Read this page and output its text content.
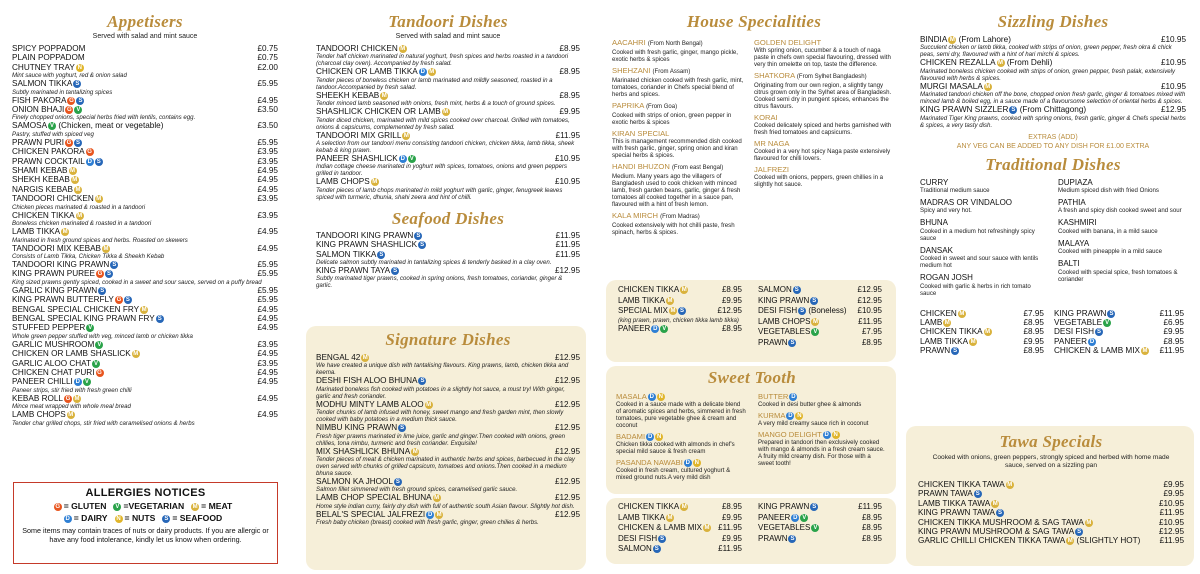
Appetisers
Served with salad and mint sauce
SPICY POPPADOM	£0.75
PLAIN POPPADOM	£0.75
CHUTNEY TRAY N	£2.00
Mint sauce with yoghurt, red & onion salad
SALMON TIKKA S	£5.95
Subtly marinated in tantalizing spices
FISH PAKORA G S	£4.95
ONION BHAJI G V	£3.50
Finely chopped onions, special herbs fried with lentils, contains egg.
SAMOSA V (Chicken, meat or vegetable)	£3.50
Pastry, stuffed with spiced veg
PRAWN PURI G S	£5.95
CHICKEN PAKORA G	£3.95
PRAWN COCKTAIL D S	£3.95
SHAMI KEBAB M	£4.95
SHEKH KEBAB M	£4.95
NARGIS KEBAB M	£4.95
TANDOORI CHICKEN M	£3.95
Chicken pieces marinated & roasted in a tandoori
CHICKEN TIKKA M	£3.95
Boneless chicken marinated & roasted in a tandoori
LAMB TIKKA M	£4.95
Marinated in fresh ground spices and herbs. Roasted on skewers
TANDOORI MIX KEBAB M	£4.95
Consists of Lamb Tikka, Chicken Tikka & Sheekh Kebab
TANDOORI KING PRAWN S	£5.95
KING PRAWN PUREE G S	£5.95
King sized prawns gently spiced, cooked in a sweet and sour sauce, served on a puffy bread
GARLIC KING PRAWN S	£5.95
KING PRAWN BUTTERFLY G S	£5.95
BENGAL SPECIAL CHICKEN FRY M	£4.95
BENGAL SPECIAL KING PRAWN FRY S	£4.95
STUFFED PEPPER V	£4.95
Whole green pepper stuffed with veg, minced lamb or chicken tikka
GARLIC MUSHROOM V	£3.95
CHICKEN OR LAMB SHASLICK M	£4.95
GARLIC ALOO CHAT V	£3.95
CHICKEN CHAT PURI G	£4.95
PANEER CHILLI D V	£4.95
Paneer strips, stir fried with fresh green chilli
KEBAB ROLL G M	£4.95
Mince meat wrapped with whole meal bread
LAMB CHOPS M	£4.95
Tender char grilled chops, stir fried with caramelised onions & herbs
ALLERGIES NOTICES
G = GLUTEN V =VEGETARIAN M = MEAT
D = DAIRY N = NUTS S = SEAFOOD
Some items may contain traces of nuts or dairy products. If you are allergic or have any food intolerance, kindly let us know when ordering.
Tandoori Dishes
Served with salad and mint sauce
TANDOORI CHICKEN M	£8.95
Tender half chicken marinated in natural yoghurt, fresh spices and herbs roasted in a tandoori (charcoal clay oven). Accompanied by fresh salad.
CHICKEN OR LAMB TIKKA D M	£8.95
Tender pieces of boneless chicken or lamb marinated and mildly seasoned, roasted in a tandoor.Accompanied by fresh salad.
SHEEKH KEBAB M	£8.95
Tender minced lamb seasoned with onions, fresh mint, herbs & a touch of ground spices.
SHASHLICK CHICKEN OR LAMB M	£9.95
Tender diced chicken, marinated with mild spices cooked over charcoal. Grilled with tomatoes, onions & capsicums, complemented by fresh salad.
TANDOORI MIX GRILL M	£11.95
A selection from our tandoori menu consisting tandoori chicken, chicken tikka, lamb tikka, sheek kebab & king prawn.
PANEER SHASHLICK D V	£10.95
Indian cottage cheese marinated in yoghurt with spices, tomatoes, onions and green peppers grilled in tandoor.
LAMB CHOPS M	£10.95
Tender pieces of lamb chops marinated in mild yoghurt with garlic, ginger, fenugreek leaves spiced with turmeric, dhunia, shahi zeera and hint of chilli.
Seafood Dishes
TANDOORI KING PRAWN S	£11.95
KING PRAWN SHASHLICK S	£11.95
SALMON TIKKA S	£11.95
Delicate salmon subtly marinated in tantalizing spices & tenderly basked in a clay oven.
KING PRAWN TAYA S	£12.95
Subtly marinated tiger prawns, cooked in spring onions, fresh tomatoes, coriander, ginger & garlic.
Signature Dishes
BENGAL 42 M	£12.95
We have created a unique dish with tantalising flavours. King prawns, lamb, chicken tikka and keema.
DESHI FISH ALOO BHUNA S	£12.95
Marinated boneless fish cooked with potatoes in a slightly hot sauce, a must try! With ginger, garlic and fresh coriander.
MODHU MINTY LAMB ALOO M	£12.95
Tender chunks of lamb infused with honey, sweet mango and fresh garden mint, then slowly cooked with baby potatoes in a medium thick sauce.
NIMBU KING PRAWN S	£12.95
Fresh tiger prawns marinated in lime juice, garlic and ginger.Then cooked with onions, green chillies, tona nimbu, turmeric and fresh coriander. Exquisite!
MIX SHASHLICK BHUNA M	£12.95
Tender pieces of meat & chicken marinated in authentic herbs and spices, barbecued in the clay oven served with chunks of grilled capsicum, tomatoes and onions.Then cooked in a medium bhuna sauce.
SALMON KA JHOOL S	£12.95
Salmon fillet simmered with fresh ground spices, caramelised garlic sauce.
LAMB CHOP SPECIAL BHUNA M	£12.95
Home style indian curry, fairly dry dish with full of authentic south Asian flavour. Slightly hot dish.
BELAL'S SPECIAL JALFREZI D M	£12.95
Fresh baby chicken (breast) cooked with fresh garlic, ginger, green chilies & herbs.
House Specialities
AACAHRI (From North Bengal)
Cooked with fresh garlic, ginger, mango pickle, exotic herbs & spices
SHEHZANI (From Assam)
Marinated chicken cooked with fresh garlic, mint, tomatoes, coriander in Chefs special blend of herbs and spices.
PAPRIKA (From Goa)
Cooked with strips of onion, green pepper in exotic herbs & spices
KIRAN SPECIAL
This is management recommended dish cooked with fresh garlic, ginger, spring onion and kiran special herbs & spices.
HANDI BHUZON (From east Bengal)
Medium. Many years ago the villagers of Bangladesh used to cook chicken with minced lamb, fresh garden beans, garlic, ginger & fresh tomatoes all cooked together in a sauce pan, flavoured with a hint of fresh lemon.
KALA MIRCH (From Madras)
Cooked extensively with hot chilli paste, fresh spinach, herbs & spices.
GOLDEN DELIGHT
With spring onion, cucumber & a touch of naga paste in chefs own special flavouring, dressed with very thin omelette on top, taste the difference.
SHATKORA (From Sylhet Bangladesh)
Originating from our own region, a slightly tangy citrus grown only in the Sylhet area of Bangladesh. Cooked semi dry in pungent spices, enhances the citrus flavours.
KORAI
Cooked delicately spiced and herbs garnished with fresh fried tomatoes and capsicums.
MR NAGA
Cooked in a very hot spicy Naga paste extensively flavoured for chilli lovers.
JALFREZI
Cooked with onions, peppers, green chillies in a slightly hot sauce.
CHICKEN TIKKA M	£8.95
LAMB TIKKA M	£9.95
SPECIAL MIX M S	£12.95
(king prawn, prawn, chicken tikka lamb tikka)
PANEER D V	£8.95
SALMON S	£12.95
KING PRAWN S	£12.95
DESI FISH S (Boneless) £10.95
LAMB CHOPS M	£11.95
VEGETABLES V	£7.95
PRAWN S	£8.95
Sweet Tooth
MASALA D N
Cooked in a sauce made with a delicate blend of aromatic spices and herbs, simmered in fresh tomatoes, pure vegetable ghee & cream and coconut
BADAMI D N
Chicken tikka cooked with almonds in chef's special mild sauce & fresh cream
PASANDA NAWABI D N
Cooked in fresh cream, cultured yoghurt & mixed ground nuts.A very mild dish
BUTTER D
Cooked in desi butter ghee & almonds
KURMA D N
A very mild creamy sauce rich in coconut
MANGO DELIGHT D N
Prepared in tandoori then exclusively cooked with mango & almonds in a fresh cream sauce. A fruity mild creamy dish. For those with a sweet tooth!
CHICKEN TIKKA M	£8.95
LAMB TIKKA M	£9.95
CHICKEN & LAMB MIX M £11.95
DESI FISH S	£9.95
SALMON S	£11.95
KING PRAWN S	£11.95
PANEER D V	£8.95
VEGETABLES V	£8.95
PRAWN S	£8.95
Sizzling Dishes
BINDIA M (From Lahore)	£10.95
Succulent chicken or lamb tikka, cooked with strips of onion, green pepper, fresh okra & chick peas, semi dry, flavoured with a hint of hari mirchi & spices.
CHICKEN REZALLA M (From Dehli)	£10.95
Marinated boneless chicken cooked with strips of onion, green pepper, fresh palak, extensively flavoured with herbs & spices.
MURGI MASALA M	£10.95
Marinated tandoori chicken off the bone, chopped onion fresh garlic, ginger & tomatoes mixed with minced lamb & boiled egg, in a sauce made of a flavoursome selection of oriental herbs & spices.
KING PRAWN SIZZLER S (From Chittagong)	£12.95
Marinated Tiger King prawns, cooked with spring onions, fresh garlic, ginger & Chefs special herbs & spices, a very tasty dish.
EXTRAS (ADD)
ANY VEG CAN BE ADDED TO ANY DISH FOR £1.00 EXTRA
Traditional Dishes
CURRY
Traditional medium sauce
MADRAS OR VINDALOO
Spicy and very hot.
BHUNA
Cooked in a medium hot refreshingly spicy sauce
DANSAK
Cooked in sweet and sour sauce with lentils medium hot
ROGAN JOSH
Cooked with garlic & herbs in rich tomato sauce
DUPIAZA
Medium spiced dish with fried Onions
PATHIA
A fresh and spicy dish cooked sweet and sour
KASHMIRI
Cooked with banana, in a mild sauce
MALAYA
Cooked with pineapple in a mild sauce
BALTI
Cooked with special spice, fresh tomatoes & coriander
CHICKEN M	£7.95
LAMB M	£8.95
CHICKEN TIKKA M	£8.95
LAMB TIKKA M	£9.95
PRAWN S	£8.95
KING PRAWN S	£11.95
VEGETABLE V	£6.95
DESI FISH S	£9.95
PANEER D	£8.95
CHICKEN & LAMB MIX M £11.95
Tawa Specials
Cooked with onions, green peppers, strongly spiced and herbed with home made sauce, served on a sizzling pan
CHICKEN TIKKA TAWA M	£9.95
PRAWN TAWA S	£9.95
LAMB TIKKA TAWA M	£10.95
KING PRAWN TAWA S	£11.95
CHICKEN TIKKA MUSHROOM & SAG TAWA M	£10.95
KING PRAWN MUSHROOM & SAG TAWA S	£12.95
GARLIC CHILLI CHICKEN TIKKA TAWA M (SLIGHTLY HOT) £11.95
